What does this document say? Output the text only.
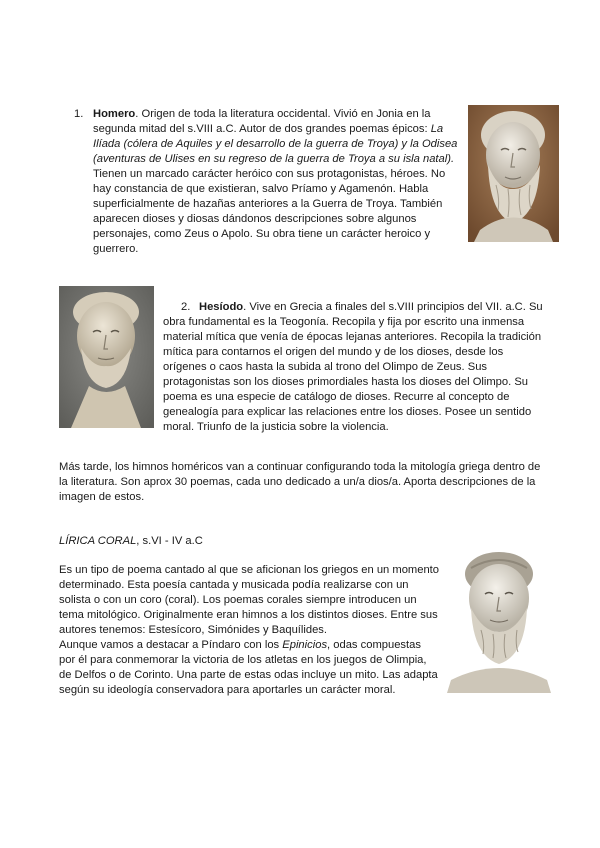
1. Homero. Origen de toda la literatura occidental. Vivió en Jonia en la
segunda mitad del s.VIII a.C. Autor de dos grandes poemas épicos: La
Ilíada (cólera de Aquiles y el desarrollo de la guerra de Troya) y la Odisea
(aventuras de Ulises en su regreso de la guerra de Troya a su isla natal).
Tienen un marcado carácter heróico con sus protagonistas, héroes. No
hay constancia de que existieran, salvo Príamo y Agamenón. Habla
superficialmente de hazañas anteriores a la Guerra de Troya. También
aparecen dioses y diosas dándonos descripciones sobre algunos
personajes, como Zeus o Apolo. Su obra tiene un carácter heroico y
guerrero.
2. Hesíodo. Vive en Grecia a finales del s.VIII principios del VII. a.C. Su
obra fundamental es la Teogonía. Recopila y fija por escrito una inmensa
material mítica que venía de épocas lejanas anteriores. Recopila la tradición
mítica para contarnos el origen del mundo y de los dioses, desde los
orígenes o caos hasta la subida al trono del Olimpo de Zeus. Sus
protagonistas son los dioses primordiales hasta los dioses del Olimpo. Su
poema es una especie de catálogo de dioses. Recurre al concepto de
genealogía para explicar las relaciones entre los dioses. Posee un sentido
moral. Triunfo de la justicia sobre la violencia.
Más tarde, los himnos homéricos van a continuar configurando toda la mitología griega dentro de
la literatura. Son aprox 30 poemas, cada uno dedicado a un/a dios/a. Aporta descripciones de la
imagen de estos.
LÍRICA CORAL, s.VI - IV a.C
Es un tipo de poema cantado al que se aficionan los griegos en un momento
determinado. Esta poesía cantada y musicada podía realizarse con un
solista o con un coro (coral). Los poemas corales siempre introducen un
tema mitológico. Originalmente eran himnos a los distintos dioses. Entre sus
autores tenemos: Estesícoro, Simónides y Baquílides.
Aunque vamos a destacar a Píndaro con los Epinicios, odas compuestas
por él para conmemorar la victoria de los atletas en los juegos de Olimpia,
de Delfos o de Corinto. Una parte de estas odas incluye un mito. Las adapta
según su ideología conservadora para aportarles un carácter moral.
